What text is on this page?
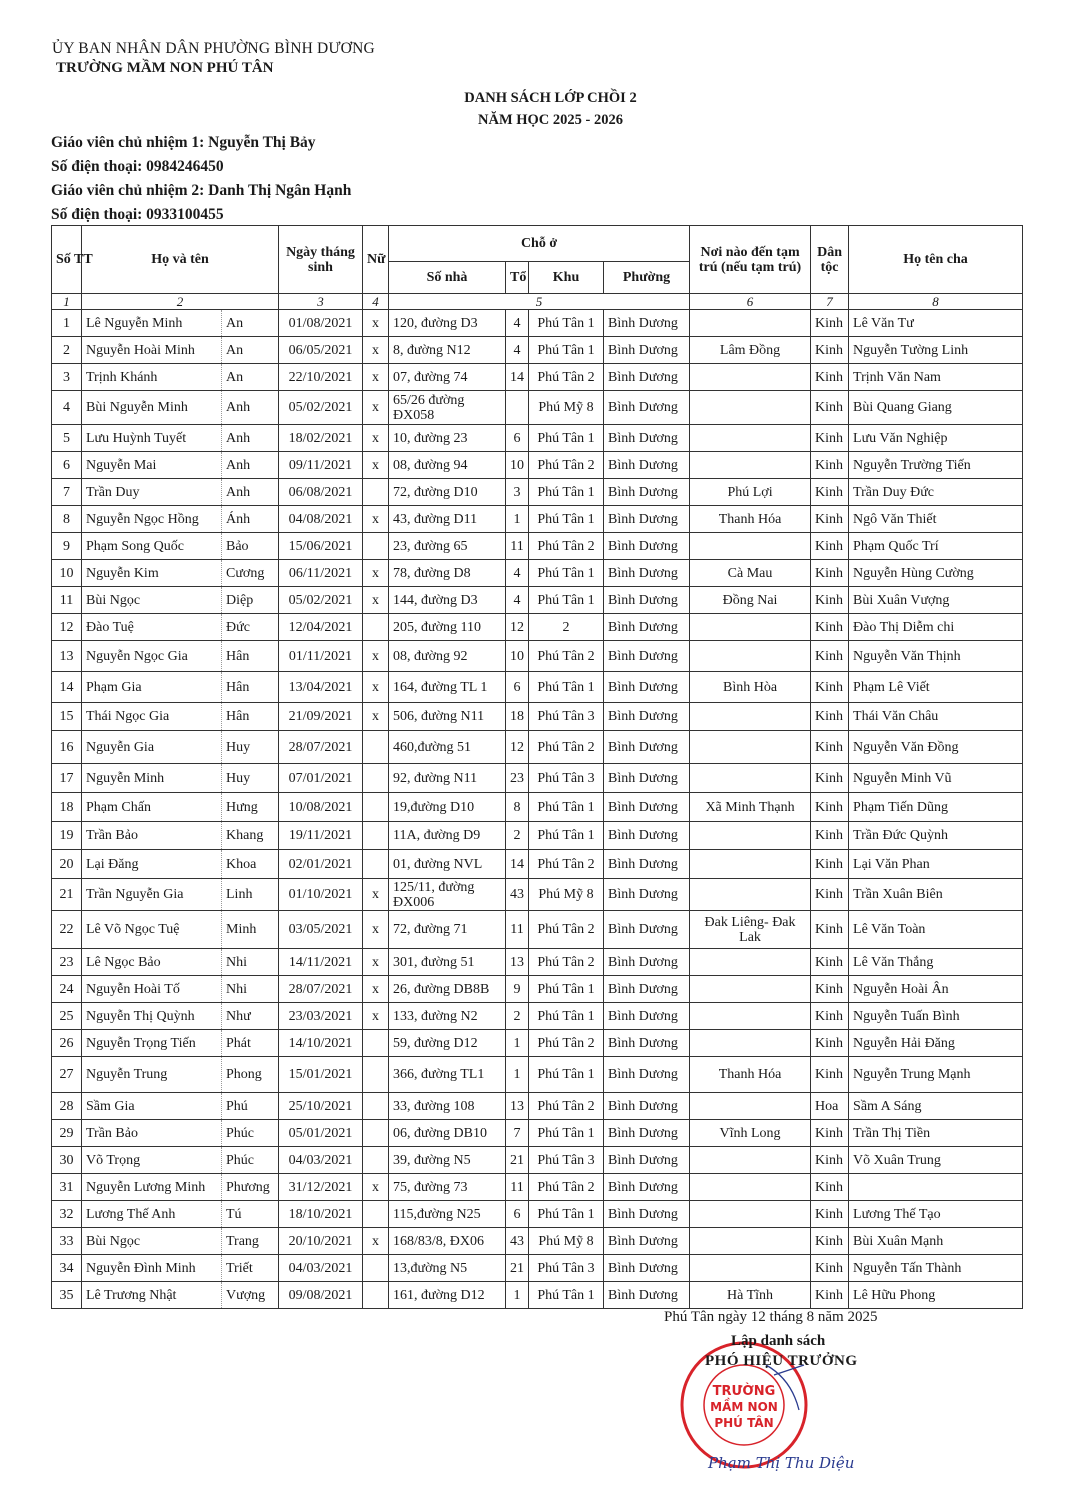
ỦY BAN NHÂN DÂN PHƯỜNG BÌNH DƯƠNG
TRƯỜNG MẦM NON PHÚ TÂN
DANH SÁCH LỚP CHỒI 2
NĂM HỌC 2025 - 2026
Giáo viên chủ nhiệm 1: Nguyễn Thị Bảy
Số điện thoại: 0984246450
Giáo viên chủ nhiệm 2: Danh Thị Ngân Hạnh
Số điện thoại: 0933100455
Số TT	Họ và tên		Ngày tháng sinh	Nữ	Chỗ ở				Nơi nào đến tạm trú (nếu tạm trú)	Dân tộc	Họ tên cha
					Số nhà	Tổ	Khu	Phường			
1	2		3	4	5				6	7	8
1	Lê Nguyễn Minh	An	01/08/2021	x	120, đường D3	4	Phú Tân 1	Bình Dương		Kinh	Lê Văn Tư
2	Nguyễn Hoài Minh	An	06/05/2021	x	8, đường N12	4	Phú Tân 1	Bình Dương	Lâm Đồng	Kinh	Nguyễn Tường Linh
3	Trịnh Khánh	An	22/10/2021	x	07, đường 74	14	Phú Tân 2	Bình Dương		Kinh	Trịnh Văn Nam
4	Bùi Nguyễn Minh	Anh	05/02/2021	x	65/26 đường ĐX058		Phú Mỹ 8	Bình Dương		Kinh	Bùi Quang Giang
5	Lưu Huỳnh Tuyết	Anh	18/02/2021	x	10, đường 23	6	Phú Tân 1	Bình Dương		Kinh	Lưu Văn Nghiệp
6	Nguyễn Mai	Anh	09/11/2021	x	08, đường 94	10	Phú Tân 2	Bình Dương		Kinh	Nguyễn Trường Tiến
7	Trần Duy	Anh	06/08/2021		72, đường D10	3	Phú Tân 1	Bình Dương	Phú Lợi	Kinh	Trần Duy Đức
8	Nguyễn Ngọc Hồng	Ánh	04/08/2021	x	43, đường D11	1	Phú Tân 1	Bình Dương	Thanh Hóa	Kinh	Ngô Văn Thiết
9	Phạm Song Quốc	Bảo	15/06/2021		23, đường 65	11	Phú Tân 2	Bình Dương		Kinh	Phạm Quốc Trí
10	Nguyễn Kim	Cương	06/11/2021	x	78, đường D8	4	Phú Tân 1	Bình Dương	Cà Mau	Kinh	Nguyễn Hùng Cường
11	Bùi Ngọc	Diệp	05/02/2021	x	144, đường D3	4	Phú Tân 1	Bình Dương	Đồng Nai	Kinh	Bùi Xuân Vượng
12	Đào Tuệ	Đức	12/04/2021		205, đường 110	12	2	Bình Dương		Kinh	Đào Thị Diễm chi
13	Nguyễn Ngọc Gia	Hân	01/11/2021	x	08, đường 92	10	Phú Tân 2	Bình Dương		Kinh	Nguyễn Văn Thịnh
14	Phạm Gia	Hân	13/04/2021	x	164, đường TL 1	6	Phú Tân 1	Bình Dương	Bình Hòa	Kinh	Phạm Lê Viết
15	Thái Ngọc Gia	Hân	21/09/2021	x	506, đường N11	18	Phú Tân 3	Bình Dương		Kinh	Thái Văn Châu
16	Nguyễn Gia	Huy	28/07/2021		460,đường 51	12	Phú Tân 2	Bình Dương		Kinh	Nguyễn Văn Đồng
17	Nguyễn Minh	Huy	07/01/2021		92, đường N11	23	Phú Tân 3	Bình Dương		Kinh	Nguyễn Minh Vũ
18	Phạm Chấn	Hưng	10/08/2021		19,đường D10	8	Phú Tân 1	Bình Dương	Xã Minh Thạnh	Kinh	Phạm Tiến Dũng
19	Trần Bảo	Khang	19/11/2021		11A, đường D9	2	Phú Tân 1	Bình Dương		Kinh	Trần Đức Quỳnh
20	Lại Đăng	Khoa	02/01/2021		01, đường NVL	14	Phú Tân 2	Bình Dương		Kinh	Lại Văn Phan
21	Trần Nguyễn Gia	Linh	01/10/2021	x	125/11, đường ĐX006	43	Phú Mỹ 8	Bình Dương		Kinh	Trần Xuân Biên
22	Lê Võ Ngọc Tuệ	Minh	03/05/2021	x	72, đường 71	11	Phú Tân 2	Bình Dương	Đak Liêng- Đak Lak	Kinh	Lê Văn Toàn
23	Lê Ngọc Bảo	Nhi	14/11/2021	x	301, đường 51	13	Phú Tân 2	Bình Dương		Kinh	Lê Văn Thắng
24	Nguyễn Hoài Tố	Nhi	28/07/2021	x	26, đường DB8B	9	Phú Tân 1	Bình Dương		Kinh	Nguyễn Hoài Ân
25	Nguyễn Thị Quỳnh	Như	23/03/2021	x	133, đường N2	2	Phú Tân 1	Bình Dương		Kinh	Nguyễn Tuấn Bình
26	Nguyễn Trọng Tiến	Phát	14/10/2021		59, đường D12	1	Phú Tân 2	Bình Dương		Kinh	Nguyễn Hải Đăng
27	Nguyễn Trung	Phong	15/01/2021		366, đường TL1	1	Phú Tân 1	Bình Dương	Thanh Hóa	Kinh	Nguyễn Trung Mạnh
28	Sầm Gia	Phú	25/10/2021		33, đường 108	13	Phú Tân 2	Bình Dương		Hoa	Sầm A Sáng
29	Trần Bảo	Phúc	05/01/2021		06, đường DB10	7	Phú Tân 1	Bình Dương	Vĩnh Long	Kinh	Trần Thị Tiền
30	Võ Trọng	Phúc	04/03/2021		39, đường N5	21	Phú Tân 3	Bình Dương		Kinh	Võ Xuân Trung
31	Nguyễn Lương Minh	Phương	31/12/2021	x	75, đường 73	11	Phú Tân 2	Bình Dương		Kinh	
32	Lương Thế Anh	Tú	18/10/2021		115,đường N25	6	Phú Tân 1	Bình Dương		Kinh	Lương Thế Tạo
33	Bùi Ngọc	Trang	20/10/2021	x	168/83/8, ĐX06	43	Phú Mỹ 8	Bình Dương		Kinh	Bùi Xuân Mạnh
34	Nguyễn Đình Minh	Triết	04/03/2021		13,đường N5	21	Phú Tân 3	Bình Dương		Kinh	Nguyễn Tấn Thành
35	Lê Trương Nhật	Vượng	09/08/2021		161, đường D12	1	Phú Tân 1	Bình Dương	Hà Tĩnh	Kinh	Lê Hữu Phong
Phú Tân ngày 12 tháng 8 năm 2025
TRƯỜNG
MẦM NON
PHÚ TÂN
Lập danh sách
PHÓ HIỆU TRƯỞNG
Phạm Thị Thu Diệu
